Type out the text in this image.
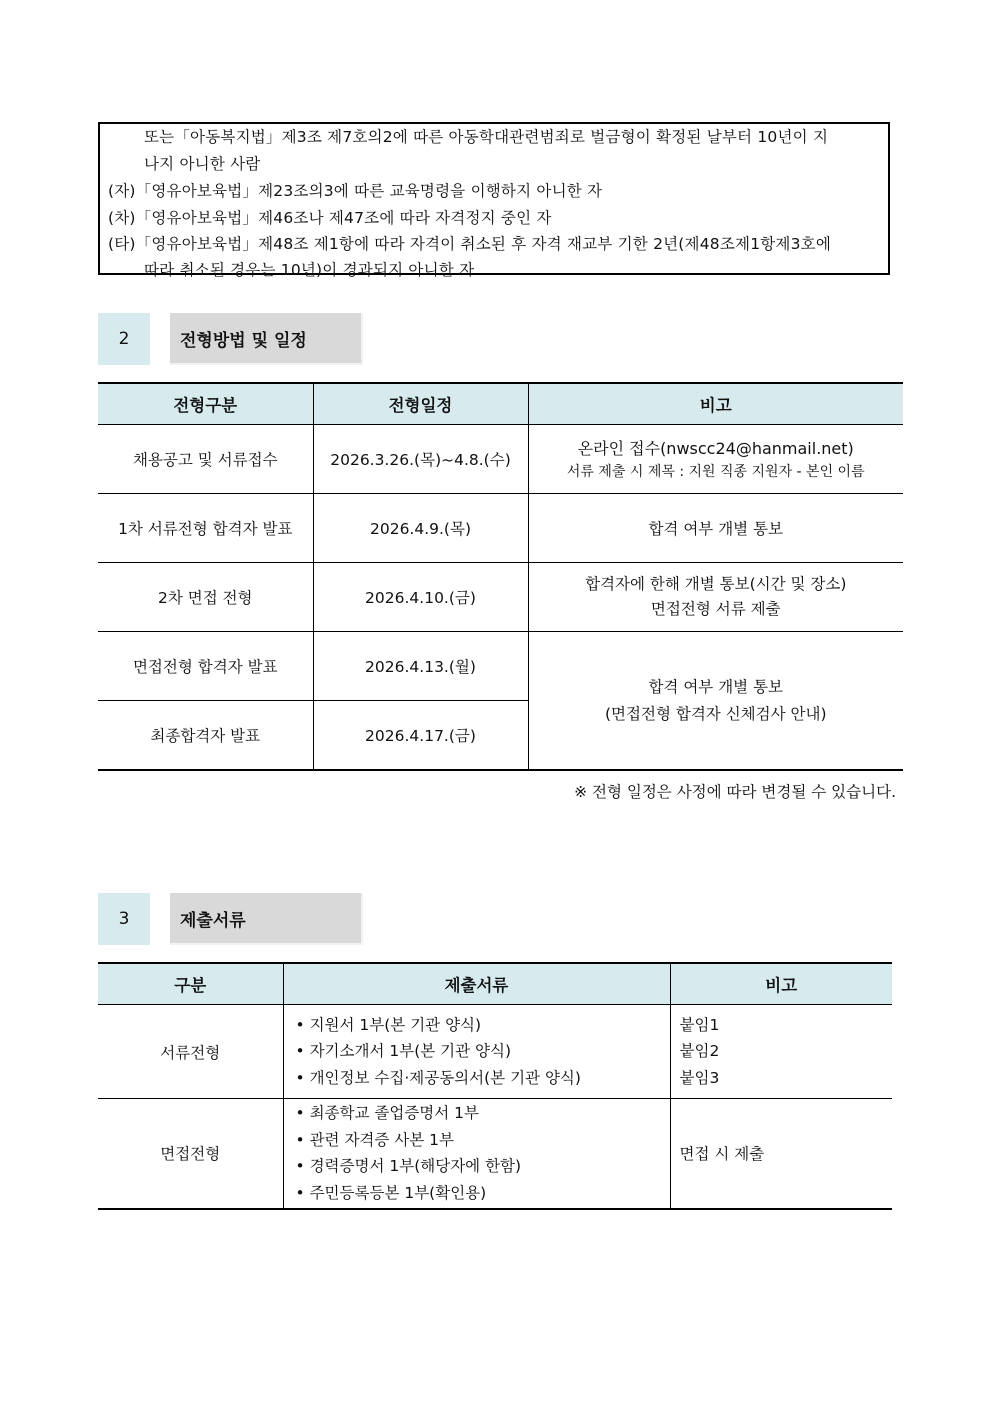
또는「아동복지법」제3조 제7호의2에 따른 아동학대관련범죄로 벌금형이 확정된 날부터 10년이 지
나지 아니한 사람
(자)「영유아보육법」제23조의3에 따른 교육명령을 이행하지 아니한 자
(차)「영유아보육법」제46조나 제47조에 따라 자격정지 중인 자
(타)「영유아보육법」제48조 제1항에 따라 자격이 취소된 후 자격 재교부 기한 2년(제48조제1항제3호에
따라 취소된 경우는 10년)이 경과되지 아니한 자
2	전형방법 및 일정
전형구분	전형일정	비고
채용공고 및 서류접수	2026.3.26.(목)~4.8.(수)	온라인 접수(nwscc24@hanmail.net)
서류 제출 시 제목 : 지원 직종 지원자 - 본인 이름

1차 서류전형 합격자 발표	2026.4.9.(목)	합격 여부 개별 통보
2차 면접 전형	2026.4.10.(금)	합격자에 한해 개별 통보(시간 및 장소)
면접전형 서류 제출

면접전형 합격자 발표	2026.4.13.(월)	합격 여부 개별 통보
(면접전형 합격자 신체검사 안내)

최종합격자 발표	2026.4.17.(금)	
※ 전형 일정은 사정에 따라 변경될 수 있습니다.
3	제출서류
구분	제출서류	비고
서류전형	• 지원서 1부(본 기관 양식)
• 자기소개서 1부(본 기관 양식)
• 개인정보 수집·제공동의서(본 기관 양식)	붙임1
붙임2
붙임3

면접전형	• 최종학교 졸업증명서 1부
• 관련 자격증 사본 1부
• 경력증명서 1부(해당자에 한함)
• 주민등록등본 1부(확인용)	면접 시 제출
